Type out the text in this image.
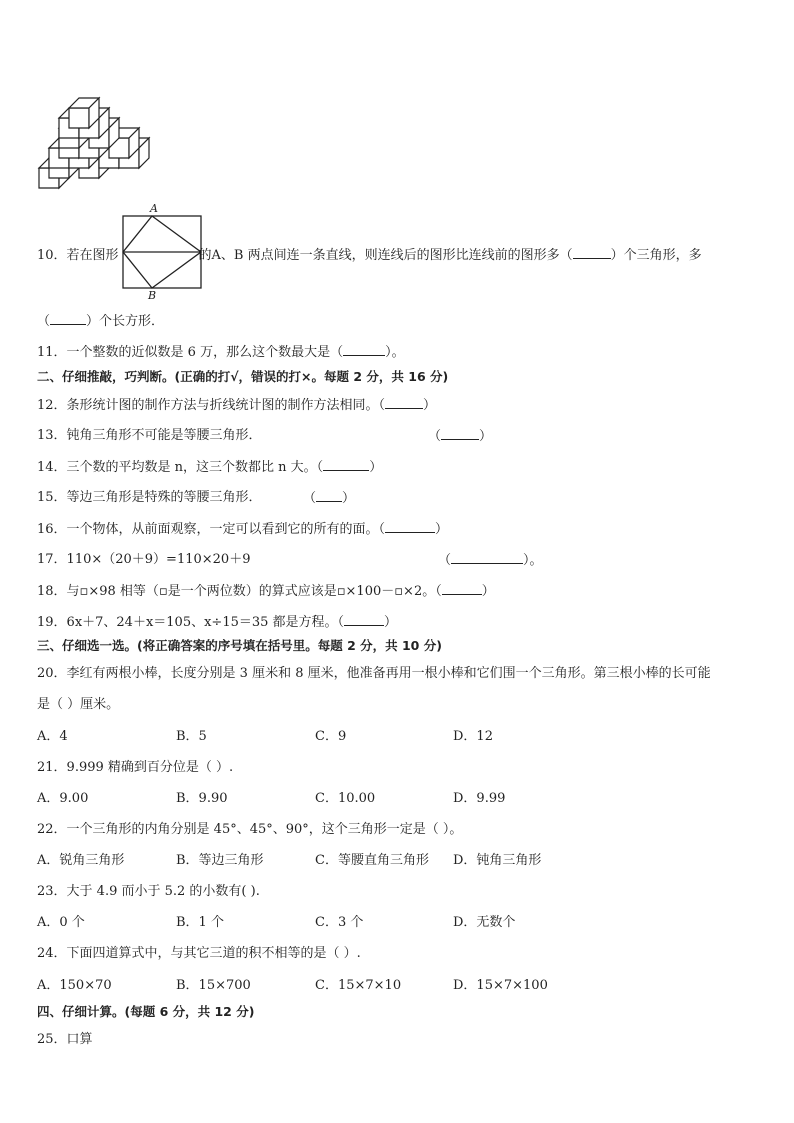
10．若在图形	的A、B 两点间连一条直线，则连线后的图形比连线前的图形多（	）个三角形，多
A
B
（	）个长方形．
11．一个整数的近似数是 6 万，那么这个数最大是（	）。
二、仔细推敲，巧判断。(正确的打√，错误的打×。每题 2 分，共 16 分)
12．条形统计图的制作方法与折线统计图的制作方法相同。（	）
13．钝角三角形不可能是等腰三角形．	（	）
14．三个数的平均数是 n，这三个数都比 n 大。（	）
15．等边三角形是特殊的等腰三角形．	（ ）
16．一个物体，从前面观察，一定可以看到它的所有的面。（	）
17．110×（20＋9）=110×20＋9	（	）。
18．与▫×98 相等（▫是一个两位数）的算式应该是▫×100－▫×2。（	）
19．6x＋7、24＋x＝105、x÷15＝35 都是方程。（	）
三、仔细选一选。(将正确答案的序号填在括号里。每题 2 分，共 10 分)
20．李红有两根小棒，长度分别是 3 厘米和 8 厘米，他准备再用一根小棒和它们围一个三角形。第三根小棒的长可能
是（ ）厘米。
A．4	B．5	C．9	D．12
21．9.999 精确到百分位是（ ）.
A．9.00	B．9.90	C．10.00	D．9.99
22．一个三角形的内角分别是 45°、45°、90°，这个三角形一定是（ ）。
A．锐角三角形	B．等边三角形	C．等腰直角三角形 D．钝角三角形
23．大于 4.9 而小于 5.2 的小数有( ).
A．0 个	B．1 个	C．3 个	D．无数个
24．下面四道算式中，与其它三道的积不相等的是（ ）.
A．150×70	B．15×700	C．15×7×10	D．15×7×100
四、仔细计算。(每题 6 分，共 12 分)
25．口算
